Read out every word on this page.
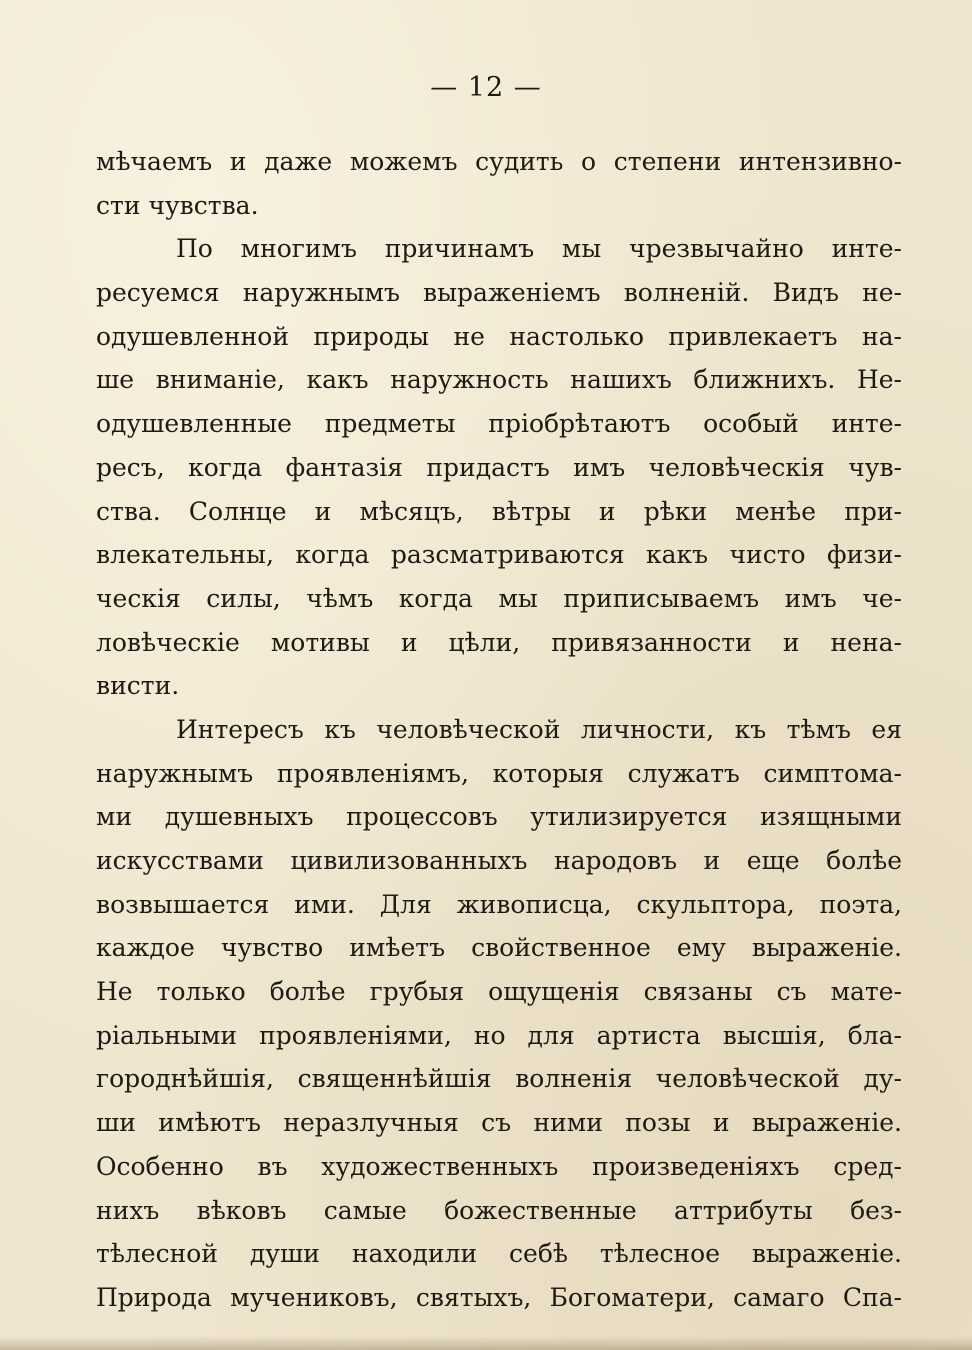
— 12 —
мѣчаемъ и даже можемъ судить о степени интензивно-
сти чувства.
По многимъ причинамъ мы чрезвычайно инте-
ресуемся наружнымъ выраженіемъ волненій. Видъ не-
одушевленной природы не настолько привлекаетъ на-
ше вниманіе, какъ наружность нашихъ ближнихъ. Не-
одушевленные предметы пріобрѣтаютъ особый инте-
ресъ, когда фантазія придастъ имъ человѣческія чув-
ства. Солнце и мѣсяцъ, вѣтры и рѣки менѣе при-
влекательны, когда разсматриваются какъ чисто физи-
ческія силы, чѣмъ когда мы приписываемъ имъ че-
ловѣческіе мотивы и цѣли, привязанности и нена-
висти.
Интересъ къ человѣческой личности, къ тѣмъ ея
наружнымъ проявленіямъ, которыя служатъ симптома-
ми душевныхъ процессовъ утилизируется изящными
искусствами цивилизованныхъ народовъ и еще болѣе
возвышается ими. Для живописца, скульптора, поэта,
каждое чувство имѣетъ свойственное ему выраженіе.
Не только болѣе грубыя ощущенія связаны съ мате-
ріальными проявленіями, но для артиста высшія, бла-
городнѣйшія, священнѣйшія волненія человѣческой ду-
ши имѣютъ неразлучныя съ ними позы и выраженіе.
Особенно въ художественныхъ произведеніяхъ сред-
нихъ вѣковъ самые божественные аттрибуты без-
тѣлесной души находили себѣ тѣлесное выраженіе.
Природа мучениковъ, святыхъ, Богоматери, самаго Спа-
